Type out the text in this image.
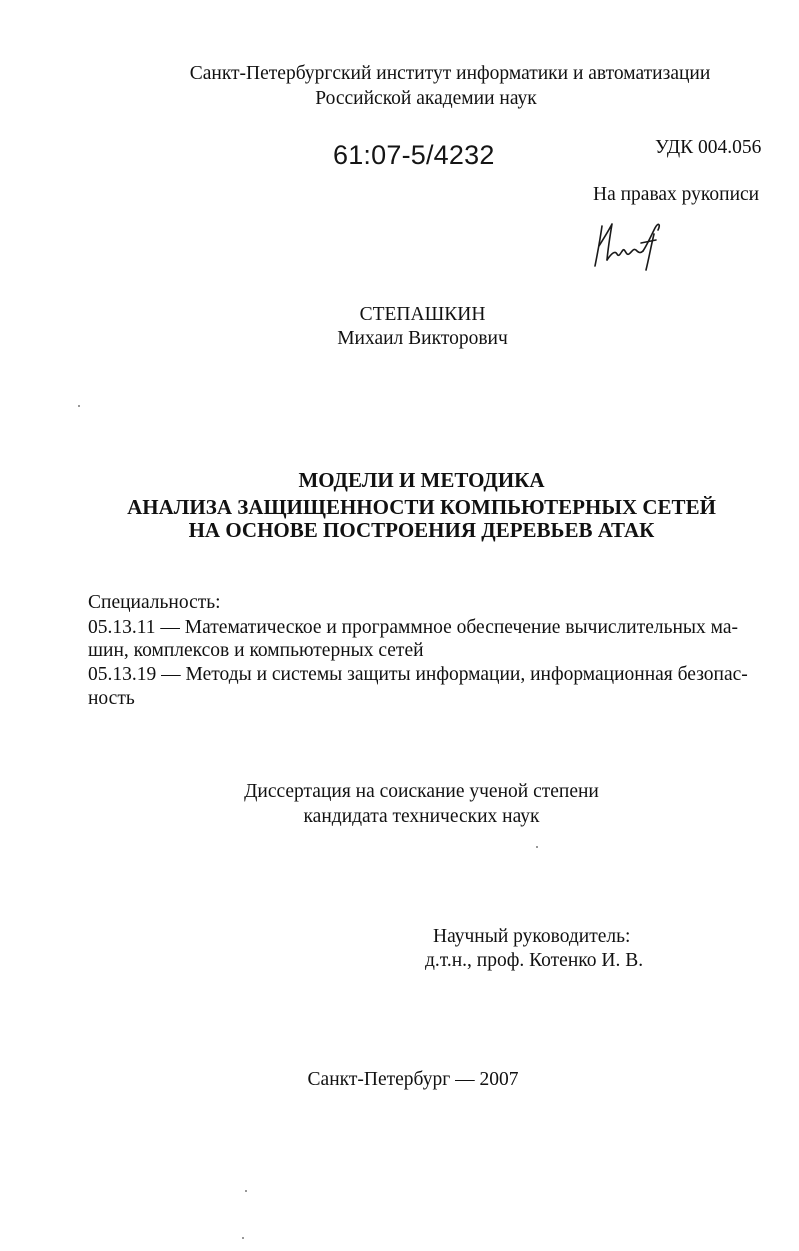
Санкт-Петербургский институт информатики и автоматизации
Российской академии наук
61:07-5/4232	УДК 004.056
На правах рукописи
СТЕПАШКИН
Михаил Викторович
МОДЕЛИ И МЕТОДИКА
АНАЛИЗА ЗАЩИЩЕННОСТИ КОМПЬЮТЕРНЫХ СЕТЕЙ
НА ОСНОВЕ ПОСТРОЕНИЯ ДЕРЕВЬЕВ АТАК
Специальность:
05.13.11 — Математическое и программное обеспечение вычислительных ма-
шин, комплексов и компьютерных сетей
05.13.19 — Методы и системы защиты информации, информационная безопас-
ность
Диссертация на соискание ученой степени
кандидата технических наук
Научный руководитель:
д.т.н., проф. Котенко И. В.
Санкт-Петербург — 2007
